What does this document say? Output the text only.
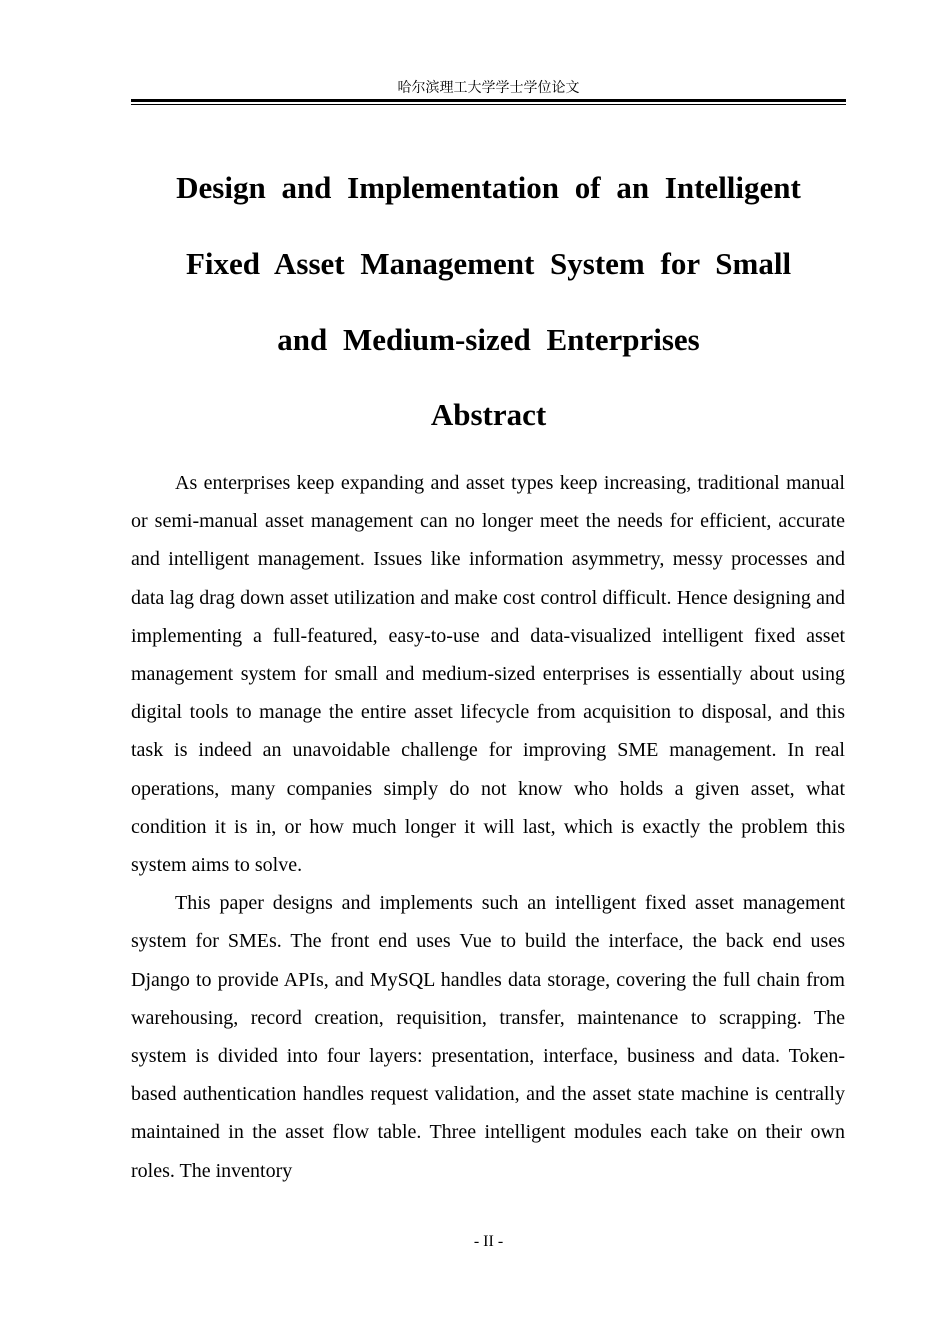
哈尔滨理工大学学士学位论文
Design and Implementation of an Intelligent
Fixed Asset Management System for Small
and Medium-sized Enterprises
Abstract

As enterprises keep expanding and asset types keep increasing, traditional manual or semi-manual asset management can no longer meet the needs for efficient, accurate and intelligent management. Issues like information asymmetry, messy processes and data lag drag down asset utilization and make cost control difficult. Hence designing and implementing a full-featured, easy-to-use and data-visualized intelligent fixed asset management system for small and medium-sized enterprises is essentially about using digital tools to manage the entire asset lifecycle from acquisition to disposal, and this task is indeed an unavoidable challenge for improving SME management. In real operations, many companies simply do not know who holds a given asset, what condition it is in, or how much longer it will last, which is exactly the problem this system aims to solve.

This paper designs and implements such an intelligent fixed asset management system for SMEs. The front end uses Vue to build the interface, the back end uses Django to provide APIs, and MySQL handles data storage, covering the full chain from warehousing, record creation, requisition, transfer, maintenance to scrapping. The system is divided into four layers: presentation, interface, business and data. Token-based authentication handles request validation, and the asset state machine is centrally maintained in the asset flow table. Three intelligent modules each take on their own roles. The inventory

- II -
